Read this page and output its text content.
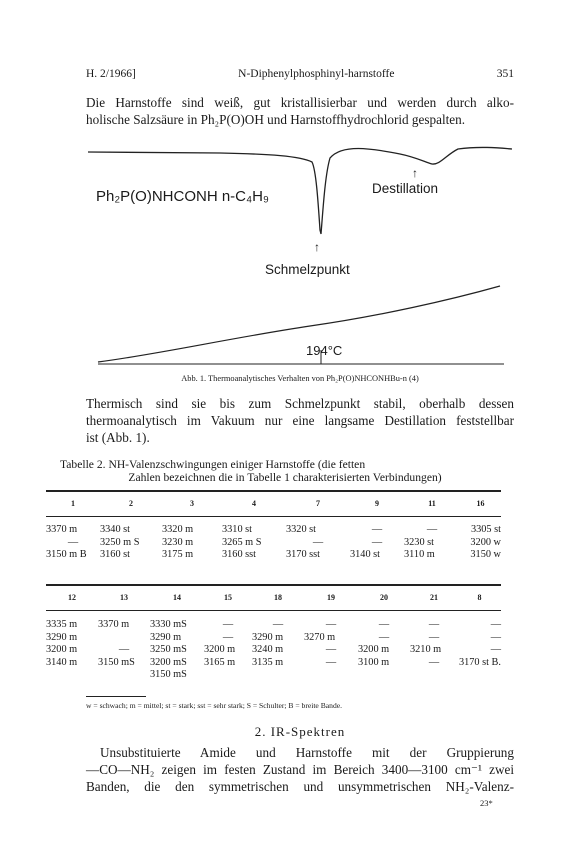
H. 2/1966]	N-Diphenylphosphinyl-harnstoffe	351
Die Harnstoffe sind weiß, gut kristallisierbar und werden durch alko-
holische Salzsäure in Ph₂P(O)OH und Harnstoffhydrochlorid gespalten.
Ph₂P(O)NHCONH n-C₄H₉
↑
Destillation
↑
Schmelzpunkt
194°C
Abb. 1. Thermoanalytisches Verhalten von Ph₂P(O)NHCONHBu-n (4)
Thermisch sind sie bis zum Schmelzpunkt stabil, oberhalb dessen
thermoanalytisch im Vakuum nur eine langsame Destillation feststellbar
ist (Abb. 1).
Tabelle 2. NH-Valenzschwingungen einiger Harnstoffe (die fetten
Zahlen bezeichnen die in Tabelle 1 charakterisierten Verbindungen)
1	2	3	4	7	9	11	16

3370 m	3340 st	3320 m	3310 st	3320 st	—	—	3305 st
—	3250 m S	3230 m	3265 m S	—	—	3230 st	3200 w
3150 m B	3160 st	3175 m	3160 sst	3170 sst	3140 st	3110 m	3150 w
12	13	14	15	18	19	20	21	8

3335 m	3370 m	3330 mS	—	—	—	—	—	—
3290 m		3290 m	—	3290 m	3270 m	—	—	—
3200 m	—	3250 mS	3200 m	3240 m	—	3200 m	3210 m	—
3140 m	3150 mS	3200 mS	3165 m	3135 m	—	3100 m	—	3170 st B.
		3150 mS						
w = schwach; m = mittel; st = stark; sst = sehr stark; S = Schulter; B = breite Bande.
2. IR-Spektren
Unsubstituierte Amide und Harnstoffe mit der Gruppierung
—CO—NH₂ zeigen im festen Zustand im Bereich 3400—3100 cm⁻¹ zwei
Banden, die den symmetrischen und unsymmetrischen NH₂-Valenz-
23*
